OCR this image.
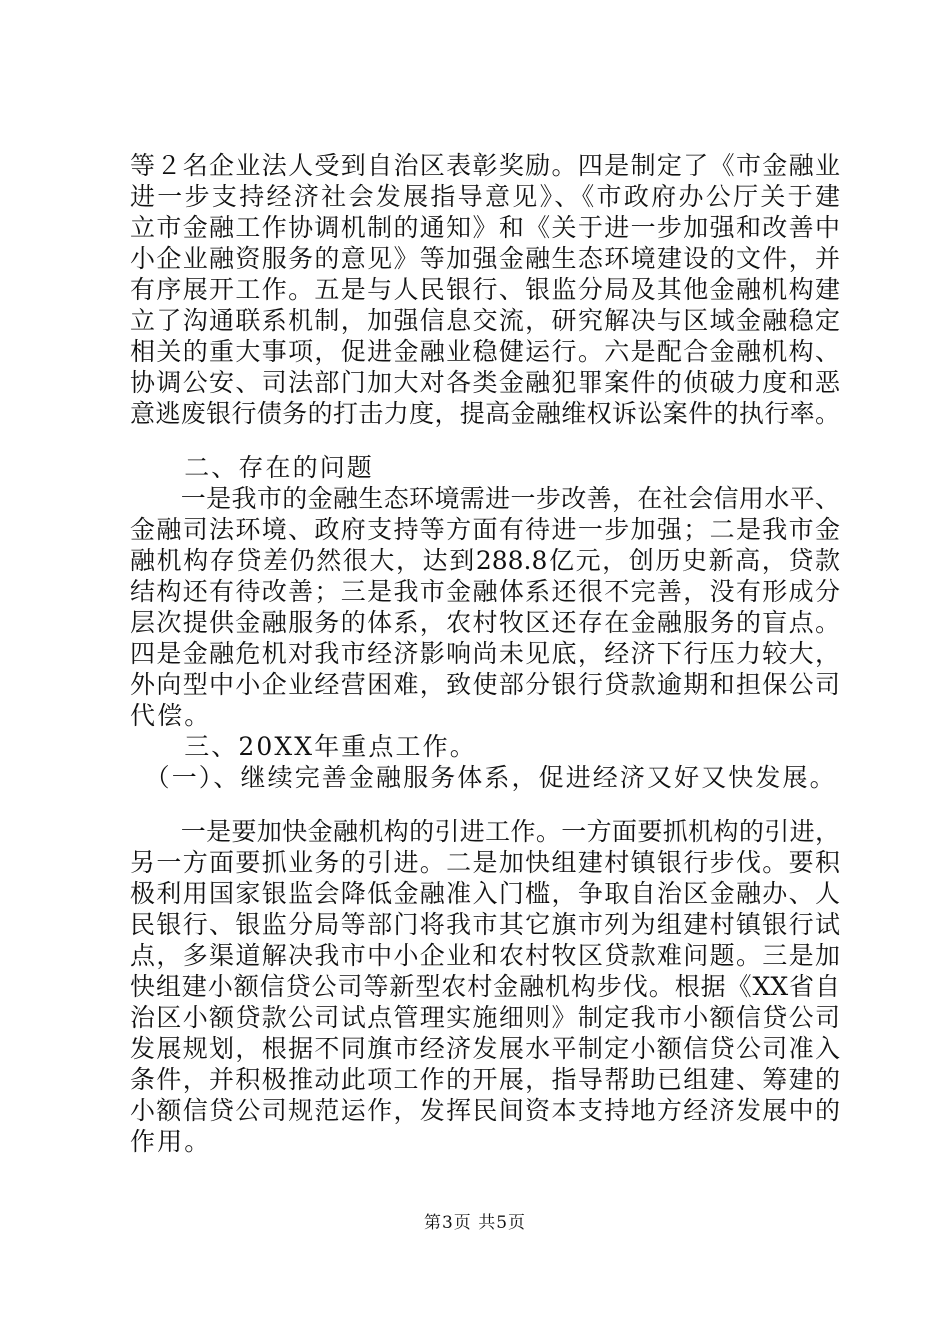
等２名企业法人受到自治区表彰奖励。四是制定了《市金融业
进一步支持经济社会发展指导意见》、《市政府办公厅关于建
立市金融工作协调机制的通知》和《关于进一步加强和改善中
小企业融资服务的意见》等加强金融生态环境建设的文件，并
有序展开工作。五是与人民银行、银监分局及其他金融机构建
立了沟通联系机制，加强信息交流，研究解决与区域金融稳定
相关的重大事项，促进金融业稳健运行。六是配合金融机构、
协调公安、司法部门加大对各类金融犯罪案件的侦破力度和恶
意逃废银行债务的打击力度，提高金融维权诉讼案件的执行率。
　　二、存在的问题
　　一是我市的金融生态环境需进一步改善，在社会信用水平、
金融司法环境、政府支持等方面有待进一步加强；二是我市金
融机构存贷差仍然很大，达到288.8亿元，创历史新高，贷款
结构还有待改善；三是我市金融体系还很不完善，没有形成分
层次提供金融服务的体系，农村牧区还存在金融服务的盲点。
四是金融危机对我市经济影响尚未见底，经济下行压力较大，
外向型中小企业经营困难，致使部分银行贷款逾期和担保公司
代偿。
　　三、20XX年重点工作。
　（一）、继续完善金融服务体系，促进经济又好又快发展。
　　一是要加快金融机构的引进工作。一方面要抓机构的引进，
另一方面要抓业务的引进。二是加快组建村镇银行步伐。要积
极利用国家银监会降低金融准入门槛，争取自治区金融办、人
民银行、银监分局等部门将我市其它旗市列为组建村镇银行试
点，多渠道解决我市中小企业和农村牧区贷款难问题。三是加
快组建小额信贷公司等新型农村金融机构步伐。根据《XX省自
治区小额贷款公司试点管理实施细则》制定我市小额信贷公司
发展规划，根据不同旗市经济发展水平制定小额信贷公司准入
条件，并积极推动此项工作的开展，指导帮助已组建、筹建的
小额信贷公司规范运作，发挥民间资本支持地方经济发展中的
作用。
第3页 共5页
